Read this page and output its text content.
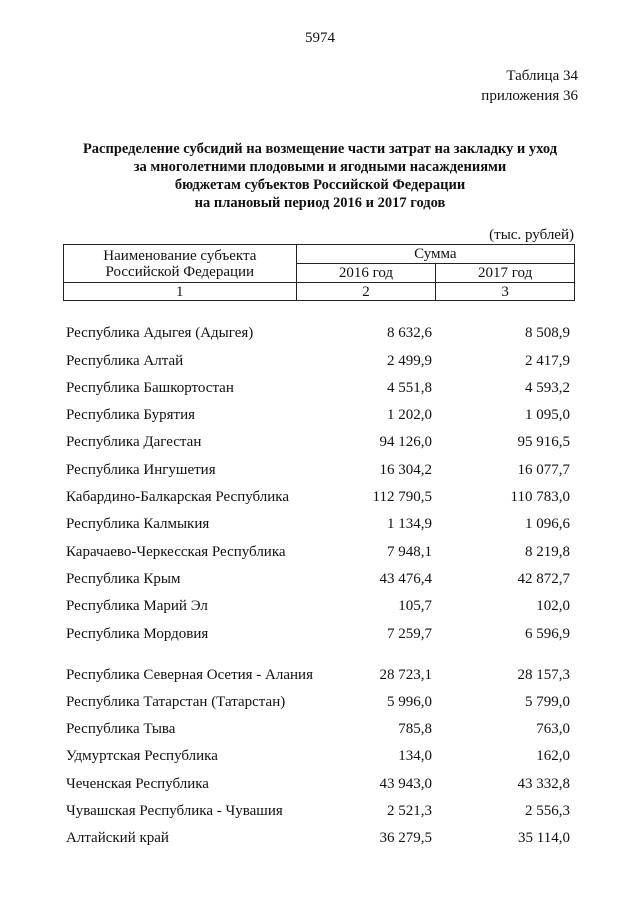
5974
Таблица 34
приложения 36
Распределение субсидий на возмещение части затрат на закладку и уход
за многолетними плодовыми и ягодными насаждениями
бюджетам субъектов Российской Федерации
на плановый период 2016 и 2017 годов
(тыс. рублей)
Наименование субъекта
Российской Федерации	Сумма	
	2016 год	2017 год
1	2	3
Республика Адыгея (Адыгея)	8 632,6	8 508,9
Республика Алтай	2 499,9	2 417,9
Республика Башкортостан	4 551,8	4 593,2
Республика Бурятия	1 202,0	1 095,0
Республика Дагестан	94 126,0	95 916,5
Республика Ингушетия	16 304,2	16 077,7
Кабардино-Балкарская Республика	112 790,5	110 783,0
Республика Калмыкия	1 134,9	1 096,6
Карачаево-Черкесская Республика	7 948,1	8 219,8
Республика Крым	43 476,4	42 872,7
Республика Марий Эл	105,7	102,0
Республика Мордовия	7 259,7	6 596,9
Республика Северная Осетия - Алания	28 723,1	28 157,3
Республика Татарстан (Татарстан)	5 996,0	5 799,0
Республика Тыва	785,8	763,0
Удмуртская Республика	134,0	162,0
Чеченская Республика	43 943,0	43 332,8
Чувашская Республика - Чувашия	2 521,3	2 556,3
Алтайский край	36 279,5	35 114,0
